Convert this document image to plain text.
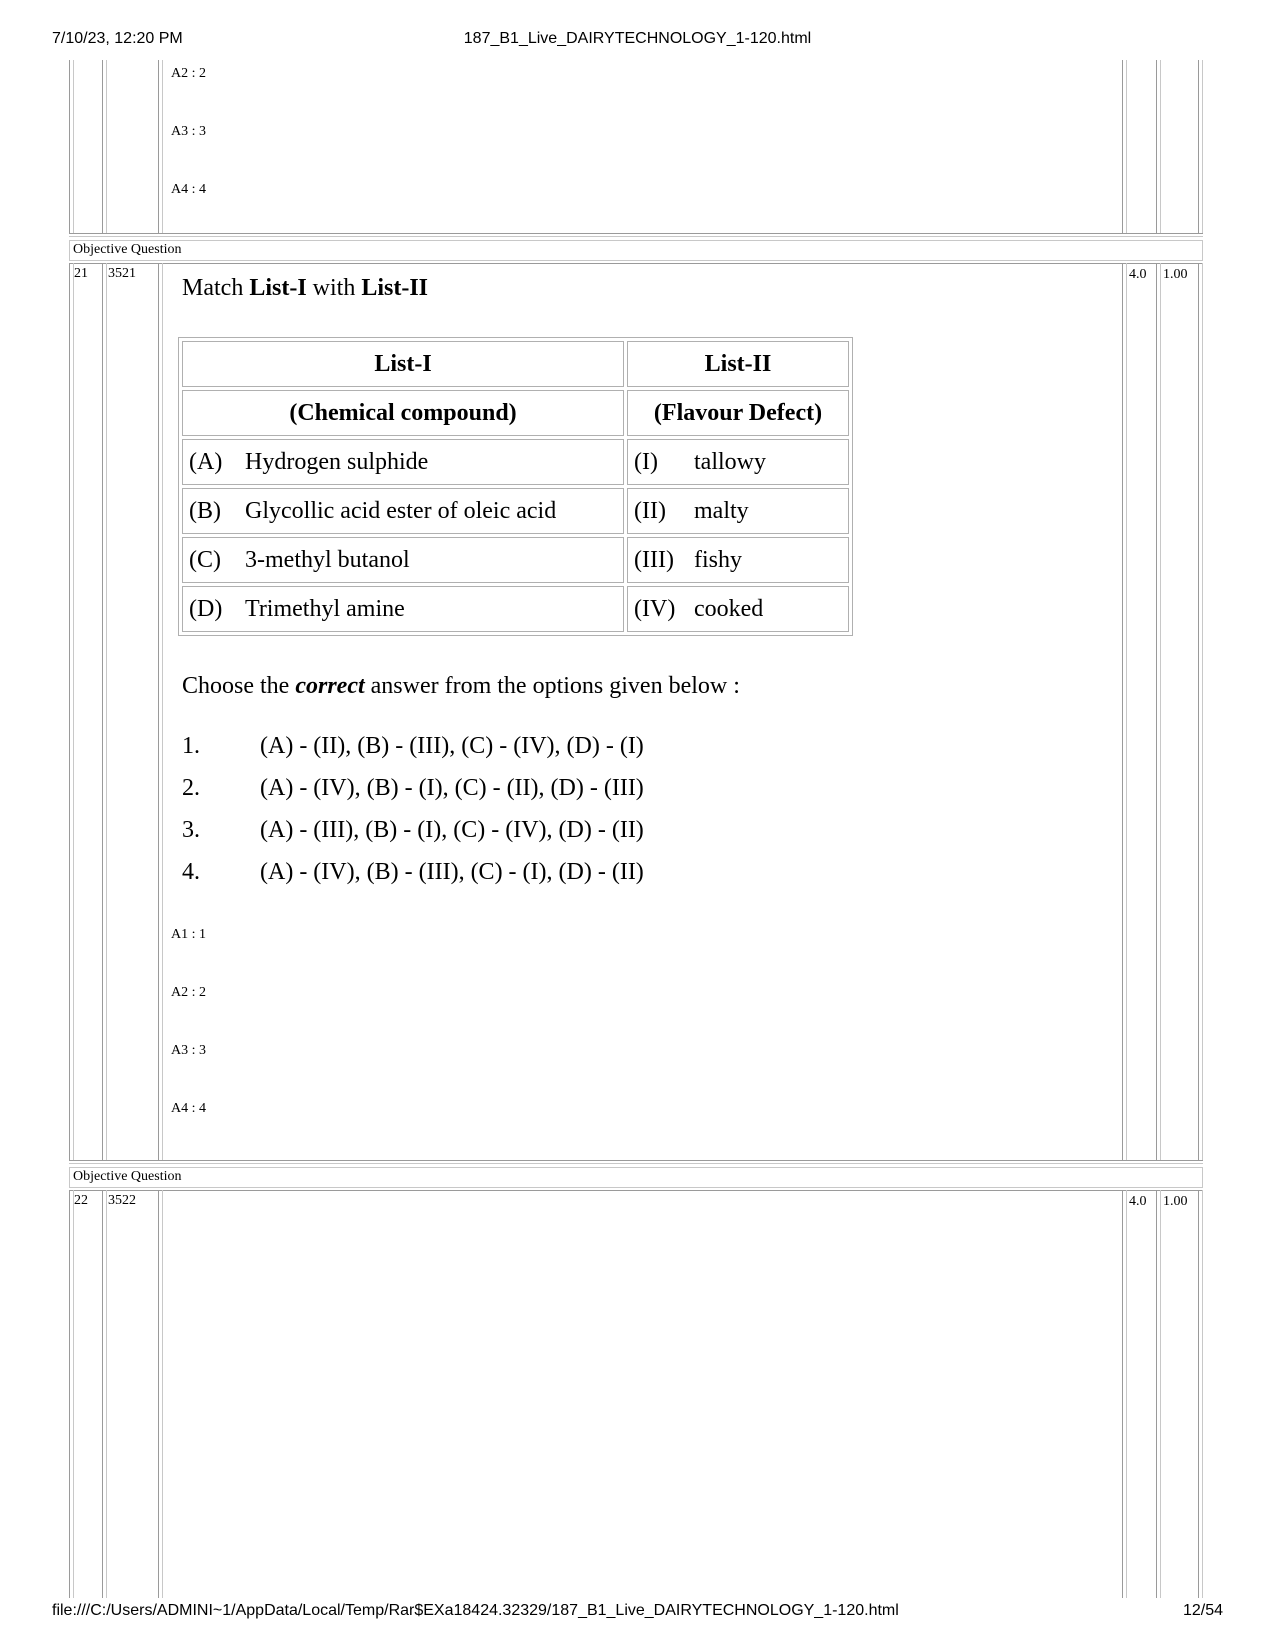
7/10/23, 12:20 PM	187_B1_Live_DAIRYTECHNOLOGY_1-120.html
A2 : 2
A3 : 3
A4 : 4
Objective Question
21 3521	4.0 1.00
Match List-I with List-II
List-I	List-II
(Chemical compound)	(Flavour Defect)
(A) Hydrogen sulphide	(I) tallowy
(B) Glycollic acid ester of oleic acid	(II) malty
(C) 3-methyl butanol	(III) fishy
(D) Trimethyl amine	(IV) cooked
Choose the correct answer from the options given below :
1.	(A) - (II), (B) - (III), (C) - (IV), (D) - (I)
2.	(A) - (IV), (B) - (I), (C) - (II), (D) - (III)
3.	(A) - (III), (B) - (I), (C) - (IV), (D) - (II)
4.	(A) - (IV), (B) - (III), (C) - (I), (D) - (II)
A1 : 1
A2 : 2
A3 : 3
A4 : 4
Objective Question
22 3522	4.0 1.00
file:///C:/Users/ADMINI~1/AppData/Local/Temp/Rar$EXa18424.32329/187_B1_Live_DAIRYTECHNOLOGY_1-120.html	12/54
